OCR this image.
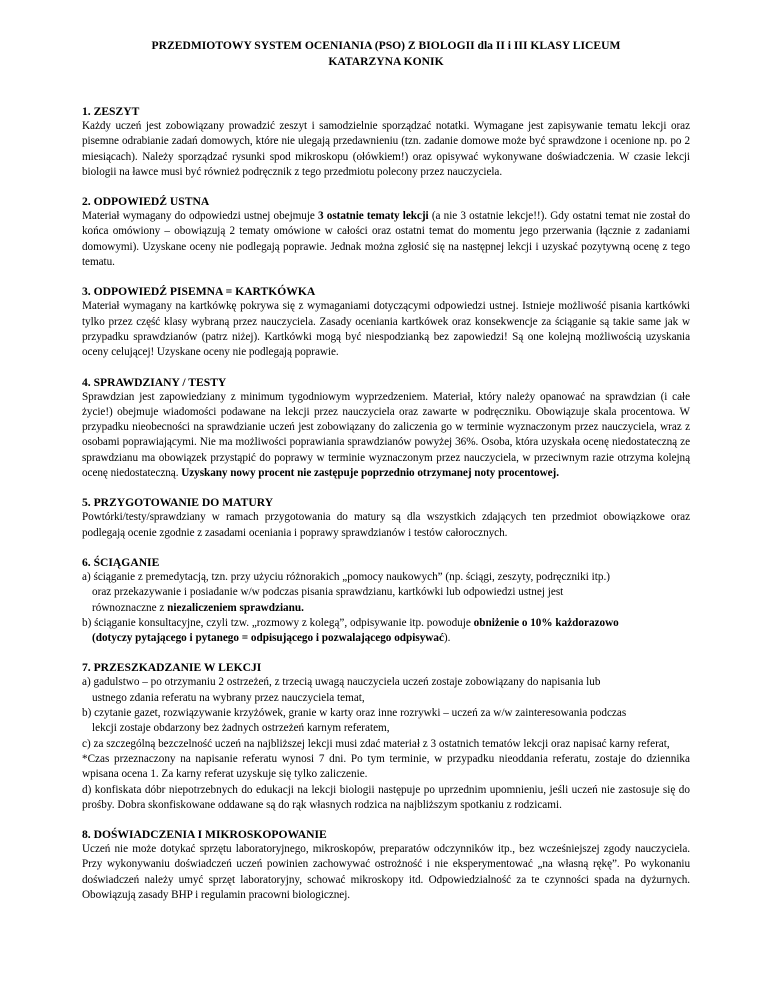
PRZEDMIOTOWY SYSTEM OCENIANIA (PSO) Z BIOLOGII dla II i III KLASY LICEUM
KATARZYNA KONIK

1. ZESZYT

Każdy uczeń jest zobowiązany prowadzić zeszyt i samodzielnie sporządzać notatki. Wymagane jest zapisywanie tematu lekcji oraz pisemne odrabianie zadań domowych, które nie ulegają przedawnieniu (tzn. zadanie domowe może być sprawdzone i ocenione np. po 2 miesiącach). Należy sporządzać rysunki spod mikroskopu (ołówkiem!) oraz opisywać wykonywane doświadczenia. W czasie lekcji biologii na ławce musi być również podręcznik z tego przedmiotu polecony przez nauczyciela.

2. ODPOWIEDŹ USTNA

Materiał wymagany do odpowiedzi ustnej obejmuje 3 ostatnie tematy lekcji (a nie 3 ostatnie lekcje!!). Gdy ostatni temat nie został do końca omówiony – obowiązują 2 tematy omówione w całości oraz ostatni temat do momentu jego przerwania (łącznie z zadaniami domowymi). Uzyskane oceny nie podlegają poprawie. Jednak można zgłosić się na następnej lekcji i uzyskać pozytywną ocenę z tego tematu.

3. ODPOWIEDŹ PISEMNA = KARTKÓWKA

Materiał wymagany na kartkówkę pokrywa się z wymaganiami dotyczącymi odpowiedzi ustnej. Istnieje możliwość pisania kartkówki tylko przez część klasy wybraną przez nauczyciela. Zasady oceniania kartkówek oraz konsekwencje za ściąganie są takie same jak w przypadku sprawdzianów (patrz niżej). Kartkówki mogą być niespodzianką bez zapowiedzi! Są one kolejną możliwością uzyskania oceny celującej! Uzyskane oceny nie podlegają poprawie.

4. SPRAWDZIANY / TESTY

Sprawdzian jest zapowiedziany z minimum tygodniowym wyprzedzeniem. Materiał, który należy opanować na sprawdzian (i całe życie!) obejmuje wiadomości podawane na lekcji przez nauczyciela oraz zawarte w podręczniku. Obowiązuje skala procentowa. W przypadku nieobecności na sprawdzianie uczeń jest zobowiązany do zaliczenia go w terminie wyznaczonym przez nauczyciela, wraz z osobami poprawiającymi. Nie ma możliwości poprawiania sprawdzianów powyżej 36%. Osoba, która uzyskała ocenę niedostateczną ze sprawdzianu ma obowiązek przystąpić do poprawy w terminie wyznaczonym przez nauczyciela, w przeciwnym razie otrzyma kolejną ocenę niedostateczną. Uzyskany nowy procent nie zastępuje poprzednio otrzymanej noty procentowej.

5. PRZYGOTOWANIE DO MATURY

Powtórki/testy/sprawdziany w ramach przygotowania do matury są dla wszystkich zdających ten przedmiot obowiązkowe oraz podlegają ocenie zgodnie z zasadami oceniania i poprawy sprawdzianów i testów całorocznych.

6. ŚCIĄGANIE

a) ściąganie z premedytacją, tzn. przy użyciu różnorakich „pomocy naukowych” (np. ściągi, zeszyty, podręczniki itp.)
oraz przekazywanie i posiadanie w/w podczas pisania sprawdzianu, kartkówki lub odpowiedzi ustnej jest
równoznaczne z niezaliczeniem sprawdzianu.

b) ściąganie konsultacyjne, czyli tzw. „rozmowy z kolegą”, odpisywanie itp. powoduje obniżenie o 10% każdorazowo
(dotyczy pytającego i pytanego = odpisującego i pozwalającego odpisywać).

7. PRZESZKADZANIE W LEKCJI

a) gadulstwo – po otrzymaniu 2 ostrzeżeń, z trzecią uwagą nauczyciela uczeń zostaje zobowiązany do napisania lub
ustnego zdania referatu na wybrany przez nauczyciela temat,

b) czytanie gazet, rozwiązywanie krzyżówek, granie w karty oraz inne rozrywki – uczeń za w/w zainteresowania podczas
lekcji zostaje obdarzony bez żadnych ostrzeżeń karnym referatem,

c) za szczególną bezczelność uczeń na najbliższej lekcji musi zdać materiał z 3 ostatnich tematów lekcji oraz napisać karny referat,

*Czas przeznaczony na napisanie referatu wynosi 7 dni. Po tym terminie, w przypadku nieoddania referatu, zostaje do dziennika wpisana ocena 1. Za karny referat uzyskuje się tylko zaliczenie.

d) konfiskata dóbr niepotrzebnych do edukacji na lekcji biologii następuje po uprzednim upomnieniu, jeśli uczeń nie zastosuje się do prośby. Dobra skonfiskowane oddawane są do rąk własnych rodzica na najbliższym spotkaniu z rodzicami.

8. DOŚWIADCZENIA I MIKROSKOPOWANIE

Uczeń nie może dotykać sprzętu laboratoryjnego, mikroskopów, preparatów odczynników itp., bez wcześniejszej zgody nauczyciela. Przy wykonywaniu doświadczeń uczeń powinien zachowywać ostrożność i nie eksperymentować „na własną rękę”. Po wykonaniu doświadczeń należy umyć sprzęt laboratoryjny, schować mikroskopy itd. Odpowiedzialność za te czynności spada na dyżurnych. Obowiązują zasady BHP i regulamin pracowni biologicznej.
